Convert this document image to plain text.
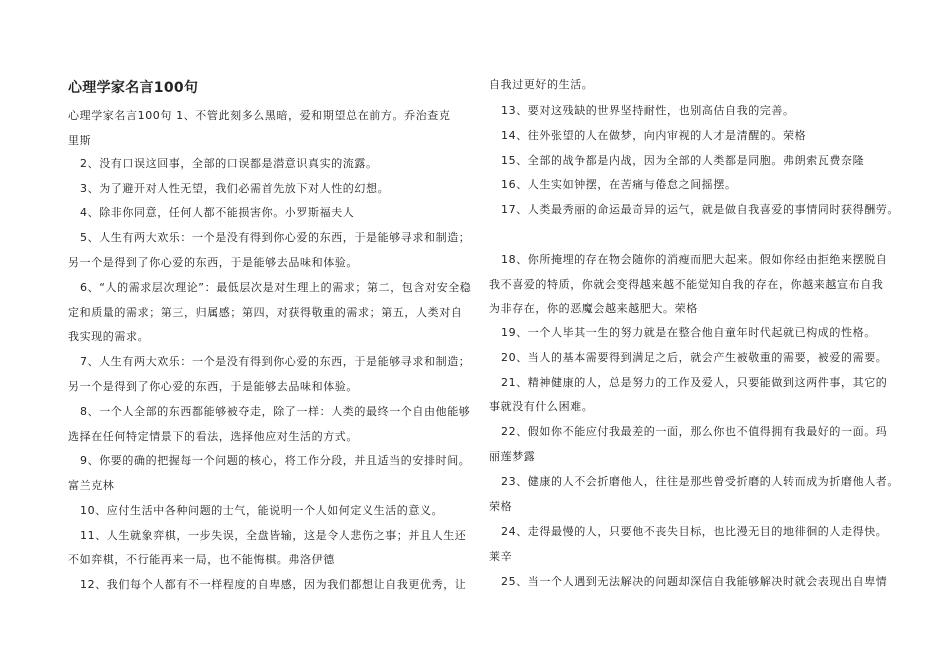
心理学家名言100句
心理学家名言100句 1、不管此刻多么黑暗，爱和期望总在前方。乔治查克
里斯
2、没有口误这回事，全部的口误都是潜意识真实的流露。
3、为了避开对人性无望，我们必需首先放下对人性的幻想。
4、除非你同意，任何人都不能损害你。小罗斯福夫人
5、人生有两大欢乐：一个是没有得到你心爱的东西，于是能够寻求和制造；
另一个是得到了你心爱的东西，于是能够去品味和体验。
6、“人的需求层次理论”：最低层次是对生理上的需求；第二，包含对安全稳
定和质量的需求；第三，归属感；第四，对获得敬重的需求；第五，人类对自
我实现的需求。
7、人生有两大欢乐：一个是没有得到你心爱的东西，于是能够寻求和制造；
另一个是得到了你心爱的东西，于是能够去品味和体验。
8、一个人全部的东西都能够被夺走，除了一样：人类的最终一个自由他能够
选择在任何特定情景下的看法，选择他应对生活的方式。
9、你要的确的把握每一个问题的核心，将工作分段，并且适当的安排时间。
富兰克林
10、应付生活中各种问题的士气，能说明一个人如何定义生活的意义。
11、人生就象弈棋，一步失误，全盘皆输，这是令人悲伤之事；并且人生还
不如弈棋，不行能再来一局，也不能悔棋。弗洛伊德
12、我们每个人都有不一样程度的自卑感，因为我们都想让自我更优秀，让
自我过更好的生活。
13、要对这残缺的世界坚持耐性，也别高估自我的完善。
14、往外张望的人在做梦，向内审视的人才是清醒的。荣格
15、全部的战争都是内战，因为全部的人类都是同胞。弗朗索瓦费奈隆
16、人生实如钟摆，在苦痛与倦怠之间摇摆。
17、人类最秀丽的命运最奇异的运气，就是做自我喜爱的事情同时获得酬劳。
18、你所掩埋的存在物会随你的消瘦而肥大起来。假如你经由拒绝来摆脱自
我不喜爱的特质，你就会变得越来越不能觉知自我的存在，你越来越宣布自我
为非存在，你的恶魔会越来越肥大。荣格
19、一个人毕其一生的努力就是在整合他自童年时代起就已构成的性格。
20、当人的基本需要得到满足之后，就会产生被敬重的需要，被爱的需要。
21、精神健康的人，总是努力的工作及爱人，只要能做到这两件事，其它的
事就没有什么困难。
22、假如你不能应付我最差的一面，那么你也不值得拥有我最好的一面。玛
丽莲梦露
23、健康的人不会折磨他人，往往是那些曾受折磨的人转而成为折磨他人者。
荣格
24、走得最慢的人，只要他不丧失目标，也比漫无目的地徘徊的人走得快。
莱辛
25、当一个人遇到无法解决的问题却深信自我能够解决时就会表现出自卑情
